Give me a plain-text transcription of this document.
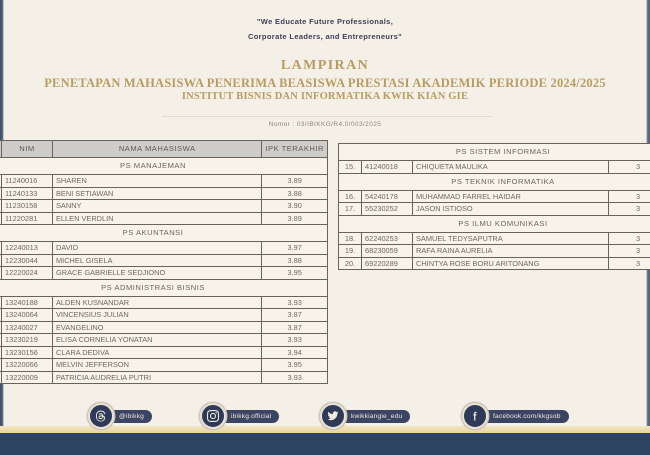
"We Educate Future Professionals,
Corporate Leaders, and Entrepreneurs"
LAMPIRAN
PENETAPAN MAHASISWA PENERIMA BEASISWA PRESTASI AKADEMIK PERIODE 2024/2025
INSTITUT BISNIS DAN INFORMATIKA KWIK KIAN GIE
Nomor : 03/IBIKKG/R4.0/003/2025
	NIM	NAMA MAHASISWA	IPK TERAKHIR
PS MANAJEMAN			
	11240016	SHAREN	3.89
	11240133	BENI SETIAWAN	3.88
	11230158	SANNY	3.90
	11220281	ELLEN VERDLIN	3.89
PS AKUNTANSI			
	12240013	DAVID	3.97
	12230044	MICHEL GISELA	3.88
	12220024	GRACE GABRIELLE SEDJIONO	3.95
PS ADMINISTRASI BISNIS			
	13240188	ALDEN KUSNANDAR	3.93
	13240064	VINCENSIUS JULIAN	3.87
	13240027	EVANGELINO	3.87
	13230219	ELISA CORNELIA YONATAN	3.93
	13230156	CLARA DEDIVA	3.94
	13220066	MELVIN JEFFERSON	3.95
	13220009	PATRICIA AUDRELIA PUTRI	3.93
PS SISTEM INFORMASI			
15.	41240018	CHIQUETA MAULIKA	3
PS TEKNIK INFORMATIKA			
16.	54240178	MUHAMMAD FARREL HAIDAR	3
17.	55230252	JASON ISTIOSO	3
PS ILMU KOMUNIKASI			
18.	62240253	SAMUEL TEDYSAPUTRA	3
19.	68230059	RAFA RAINA AURELIA	3
20.	69220289	CHINTYA ROSE BORU ARITONANG	3
@ibikkg	ibikkg.official	kwikkiangie_edu	facebook.com/kkgsob
